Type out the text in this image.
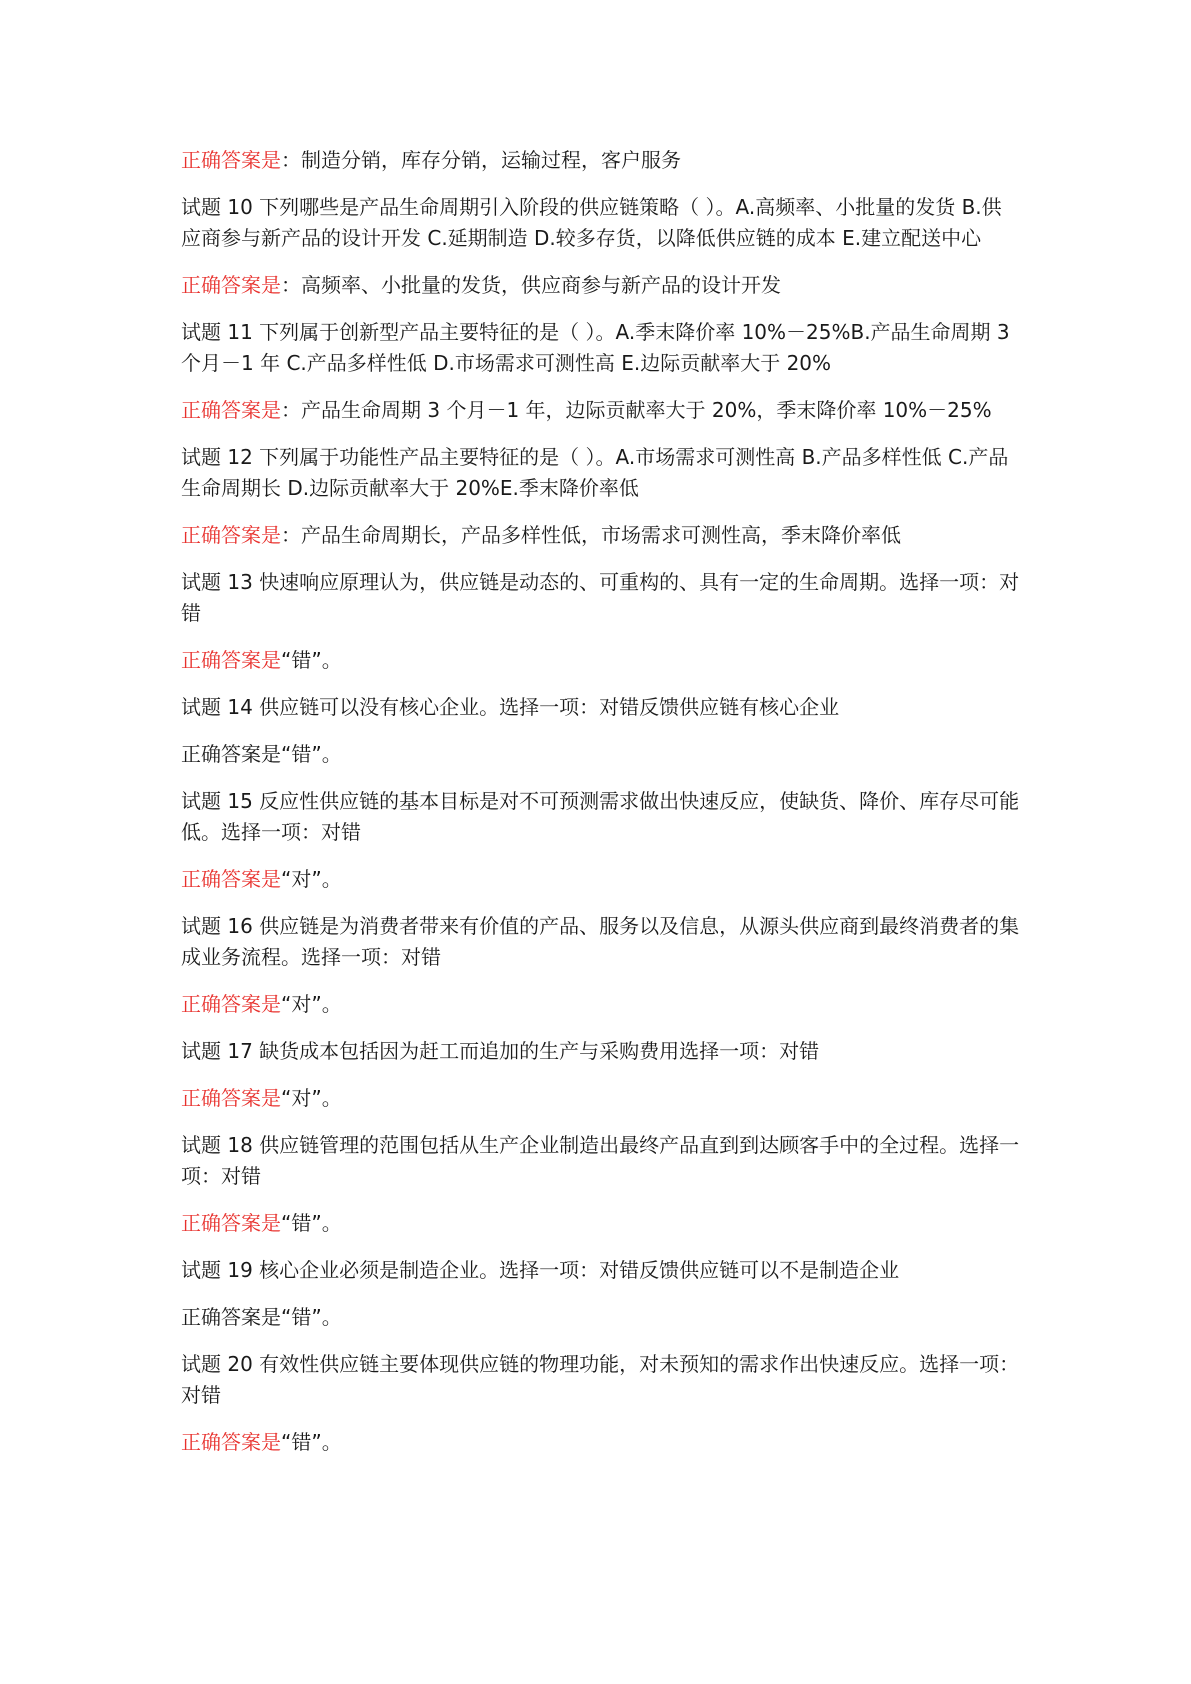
正确答案是：制造分销，库存分销，运输过程，客户服务

试题 10 下列哪些是产品生命周期引入阶段的供应链策略（ ）。A.高频率、小批量的发货 B.供应商参与新产品的设计开发 C.延期制造 D.较多存货，以降低供应链的成本 E.建立配送中心

正确答案是：高频率、小批量的发货，供应商参与新产品的设计开发

试题 11 下列属于创新型产品主要特征的是（ ）。A.季末降价率 10%－25%B.产品生命周期 3 个月－1 年 C.产品多样性低 D.市场需求可测性高 E.边际贡献率大于 20%

正确答案是：产品生命周期 3 个月－1 年，边际贡献率大于 20%，季末降价率 10%－25%

试题 12 下列属于功能性产品主要特征的是（ ）。A.市场需求可测性高 B.产品多样性低 C.产品生命周期长 D.边际贡献率大于 20%E.季末降价率低

正确答案是：产品生命周期长，产品多样性低，市场需求可测性高，季末降价率低

试题 13 快速响应原理认为，供应链是动态的、可重构的、具有一定的生命周期。选择一项：对错

正确答案是“错”。

试题 14 供应链可以没有核心企业。选择一项：对错反馈供应链有核心企业

正确答案是“错”。

试题 15 反应性供应链的基本目标是对不可预测需求做出快速反应，使缺货、降价、库存尽可能低。选择一项：对错

正确答案是“对”。

试题 16 供应链是为消费者带来有价值的产品、服务以及信息，从源头供应商到最终消费者的集成业务流程。选择一项：对错

正确答案是“对”。

试题 17 缺货成本包括因为赶工而追加的生产与采购费用选择一项：对错

正确答案是“对”。

试题 18 供应链管理的范围包括从生产企业制造出最终产品直到到达顾客手中的全过程。选择一项：对错

正确答案是“错”。

试题 19 核心企业必须是制造企业。选择一项：对错反馈供应链可以不是制造企业

正确答案是“错”。

试题 20 有效性供应链主要体现供应链的物理功能，对未预知的需求作出快速反应。选择一项：对错

正确答案是“错”。
